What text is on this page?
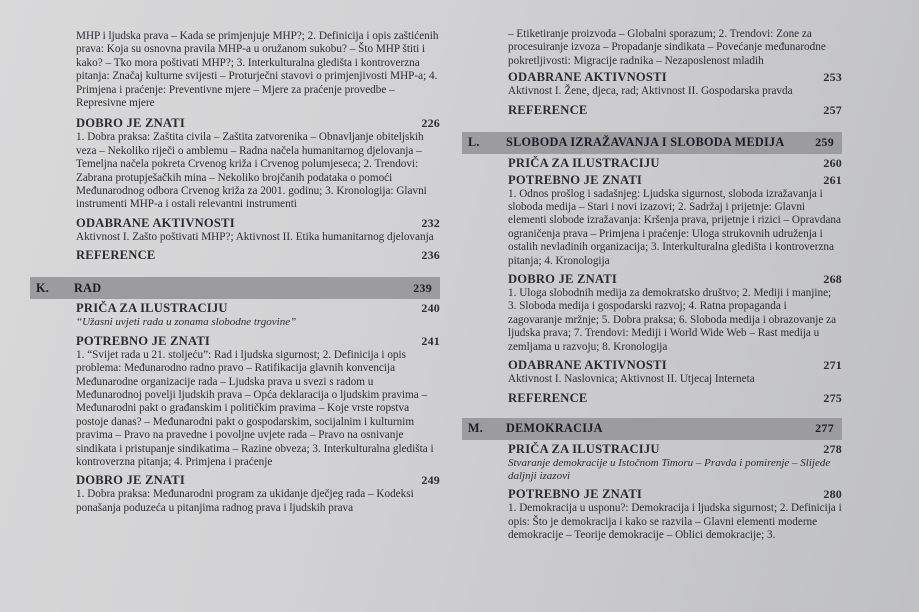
MHP i ljudska prava – Kada se primjenjuje MHP?; 2. Definicija i opis zaštićenih prava: Koja su osnovna pravila MHP-a u oružanom sukobu? – Što MHP štiti i kako? – Tko mora poštivati MHP?; 3. Interkulturalna gledišta i kontroverzna pitanja: Značaj kulturne svijesti – Proturječni stavovi o primjenjivosti MHP-a; 4. Primjena i praćenje: Preventivne mjere – Mjere za praćenje provedbe – Represivne mjere

DOBRO JE ZNATI	226

1. Dobra praksa: Zaštita civila – Zaštita zatvorenika – Obnavljanje obiteljskih veza – Nekoliko riječi o amblemu – Radna načela humanitarnog djelovanja – Temeljna načela pokreta Crvenog križa i Crvenog polumjeseca; 2. Trendovi: Zabrana protupješačkih mina – Nekoliko brojčanih podataka o pomoći Međunarodnog odbora Crvenog križa za 2001. godinu; 3. Kronologija: Glavni instrumenti MHP-a i ostali relevantni instrumenti

ODABRANE AKTIVNOSTI	232

Aktivnost I. Zašto poštivati MHP?; Aktivnost II. Etika humanitarnog djelovanja

REFERENCE	236
K.	RAD	239
PRIČA ZA ILUSTRACIJU	240

“Užasni uvjeti rada u zonama slobodne trgovine”

POTREBNO JE ZNATI	241

1. “Svijet rada u 21. stoljeću”: Rad i ljudska sigurnost; 2. Definicija i opis problema: Međunarodno radno pravo – Ratifikacija glavnih konvencija Međunarodne organizacije rada – Ljudska prava u svezi s radom u Međunarodnoj povelji ljudskih prava – Opća deklaracija o ljudskim pravima – Međunarodni pakt o građanskim i političkim pravima – Koje vrste ropstva postoje danas? – Međunarodni pakt o gospodarskim, socijalnim i kulturnim pravima – Pravo na pravedne i povoljne uvjete rada – Pravo na osnivanje sindikata i pristupanje sindikatima – Razine obveza; 3. Interkulturalna gledišta i kontroverzna pitanja; 4. Primjena i praćenje

DOBRO JE ZNATI	249

1. Dobra praksa: Međunarodni program za ukidanje dječjeg rada – Kodeksi ponašanja poduzeća u pitanjima radnog prava i ljudskih prava

– Etiketiranje proizvoda – Globalni sporazum; 2. Trendovi: Zone za procesuiranje izvoza – Propadanje sindikata – Povećanje međunarodne pokretljivosti: Migracije radnika – Nezaposlenost mladih

ODABRANE AKTIVNOSTI	253

Aktivnost I. Žene, djeca, rad; Aktivnost II. Gospodarska pravda

REFERENCE	257
L.	SLOBODA IZRAŽAVANJA I SLOBODA MEDIJA	259
PRIČA ZA ILUSTRACIJU	260
POTREBNO JE ZNATI	261

1. Odnos prošlog i sadašnjeg: Ljudska sigurnost, sloboda izražavanja i sloboda medija – Stari i novi izazovi; 2. Sadržaj i prijetnje: Glavni elementi slobode izražavanja: Kršenja prava, prijetnje i rizici – Opravdana ograničenja prava – Primjena i praćenje: Uloga strukovnih udruženja i ostalih nevladinih organizacija; 3. Interkulturalna gledišta i kontroverzna pitanja; 4. Kronologija

DOBRO JE ZNATI	268

1. Uloga slobodnih medija za demokratsko društvo; 2. Mediji i manjine; 3. Sloboda medija i gospodarski razvoj; 4. Ratna propaganda i zagovaranje mržnje; 5. Dobra praksa; 6. Sloboda medija i obrazovanje za ljudska prava; 7. Trendovi: Mediji i World Wide Web – Rast medija u zemljama u razvoju; 8. Kronologija

ODABRANE AKTIVNOSTI	271

Aktivnost I. Naslovnica; Aktivnost II. Utjecaj Interneta

REFERENCE	275
M.	DEMOKRACIJA	277
PRIČA ZA ILUSTRACIJU	278

Stvaranje demokracije u Istočnom Timoru – Pravda i pomirenje – Slijede daljnji izazovi

POTREBNO JE ZNATI	280

1. Demokracija u usponu?: Demokracija i ljudska sigurnost; 2. Definicija i opis: Što je demokracija i kako se razvila – Glavni elementi moderne demokracije – Teorije demokracije – Oblici demokracije; 3.
